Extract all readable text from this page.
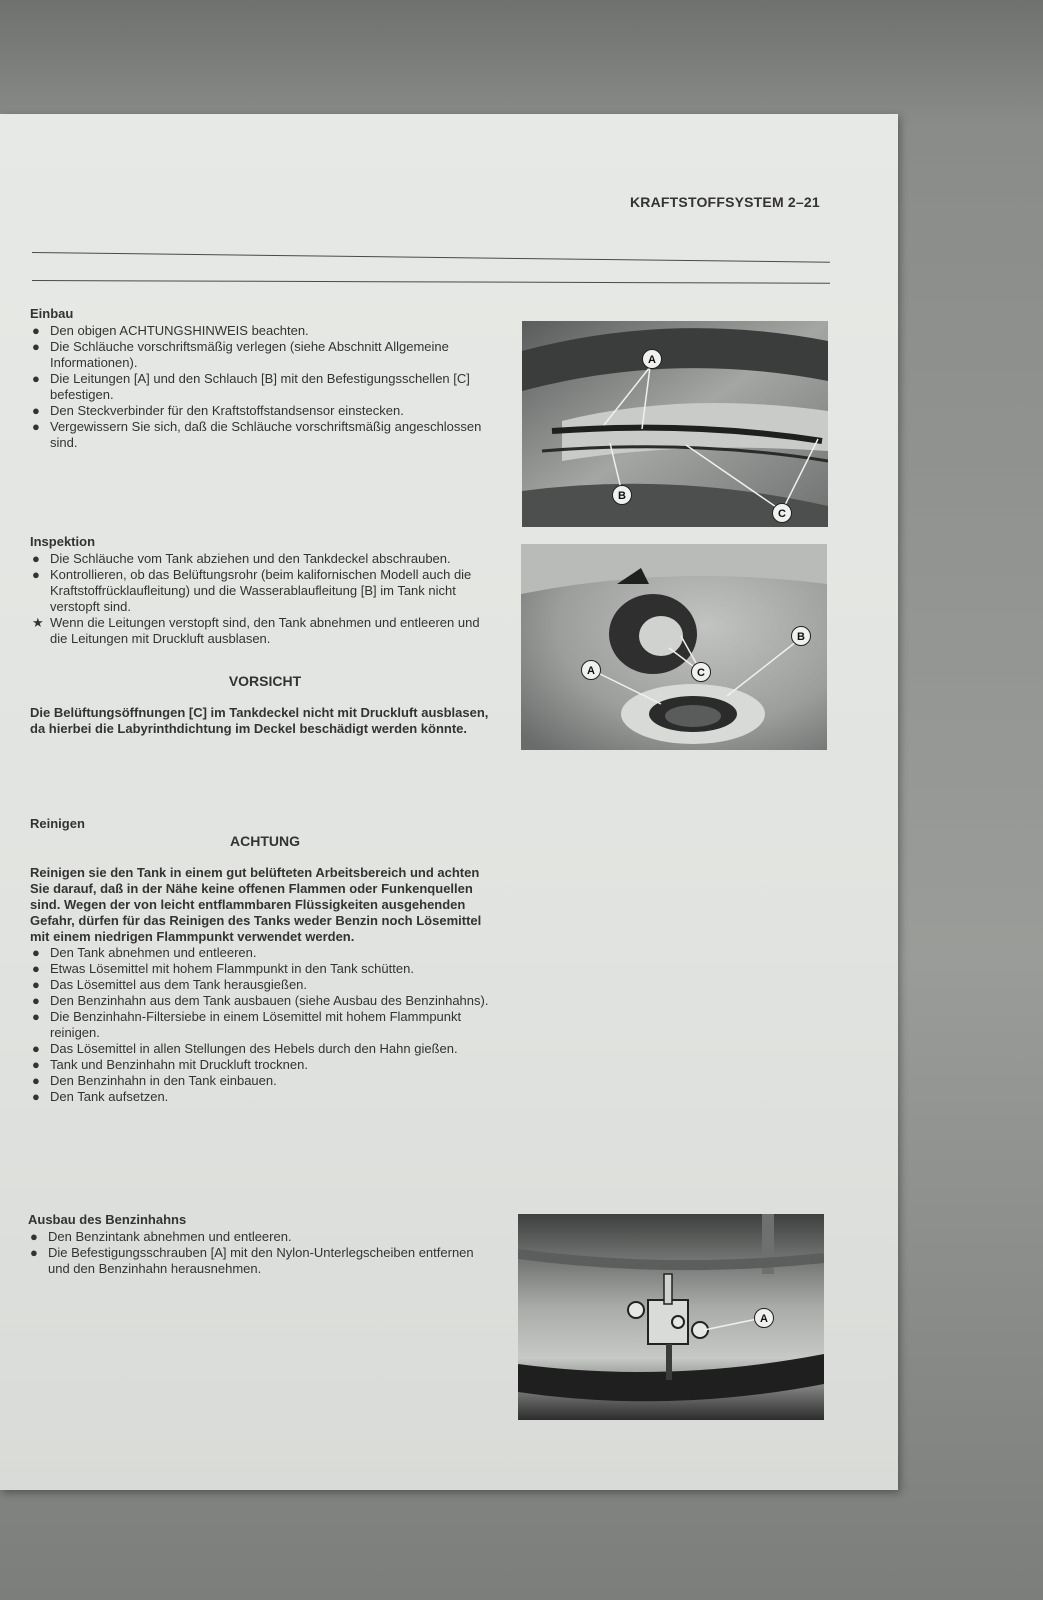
KRAFTSTOFFSYSTEM 2–21
Einbau
● Den obigen ACHTUNGSHINWEIS beachten.
● Die Schläuche vorschriftsmäßig verlegen (siehe Abschnitt Allgemeine Informationen).
● Die Leitungen [A] und den Schlauch [B] mit den Befestigungsschellen [C] befestigen.
● Den Steckverbinder für den Kraftstoffstandsensor einstecken.
● Vergewissern Sie sich, daß die Schläuche vorschriftsmäßig angeschlossen sind.
A
B
C
Inspektion
● Die Schläuche vom Tank abziehen und den Tankdeckel abschrauben.
● Kontrollieren, ob das Belüftungsrohr (beim kalifornischen Modell auch die Kraftstoffrücklaufleitung) und die Wasserablaufleitung [B] im Tank nicht verstopft sind.
★ Wenn die Leitungen verstopft sind, den Tank abnehmen und entleeren und die Leitungen mit Druckluft ausblasen.
VORSICHT
Die Belüftungsöffnungen [C] im Tankdeckel nicht mit Druckluft ausblasen, da hierbei die Labyrinthdichtung im Deckel beschädigt werden könnte.
A
B
C
Reinigen
ACHTUNG
Reinigen sie den Tank in einem gut belüfteten Arbeitsbereich und achten Sie darauf, daß in der Nähe keine offenen Flammen oder Funkenquellen sind. Wegen der von leicht entflammbaren Flüssigkeiten ausgehenden Gefahr, dürfen für das Reinigen des Tanks weder Benzin noch Lösemittel mit einem niedrigen Flammpunkt verwendet werden.
● Den Tank abnehmen und entleeren.
● Etwas Lösemittel mit hohem Flammpunkt in den Tank schütten.
● Das Lösemittel aus dem Tank herausgießen.
● Den Benzinhahn aus dem Tank ausbauen (siehe Ausbau des Benzinhahns).
● Die Benzinhahn-Filtersiebe in einem Lösemittel mit hohem Flammpunkt reinigen.
● Das Lösemittel in allen Stellungen des Hebels durch den Hahn gießen.
● Tank und Benzinhahn mit Druckluft trocknen.
● Den Benzinhahn in den Tank einbauen.
● Den Tank aufsetzen.
Ausbau des Benzinhahns
● Den Benzintank abnehmen und entleeren.
● Die Befestigungsschrauben [A] mit den Nylon-Unterlegscheiben entfernen und den Benzinhahn herausnehmen.
A
